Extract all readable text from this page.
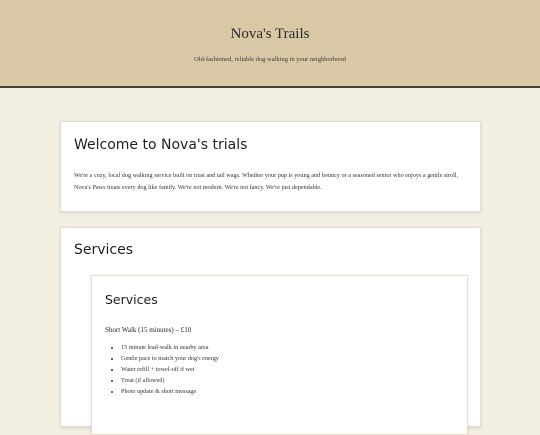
Nova's Trails
Old-fashioned, reliable dog walking in your neighborhood
Welcome to Nova's trials

We're a cozy, local dog walking service built on trust and tail wags. Whether your pup is young and bouncy or a seasoned senior who enjoys a gentle stroll, Nova's Paws treats every dog like family. We're not modern. We're not fancy. We're just dependable.

Services
Services
Short Walk (15 minutes) – £10
• 15 minute lead-walk in nearby area
• Gentle pace to match your dog's energy
• Water refill + towel-off if wet
• Treat (if allowed)
• Photo update & short message
